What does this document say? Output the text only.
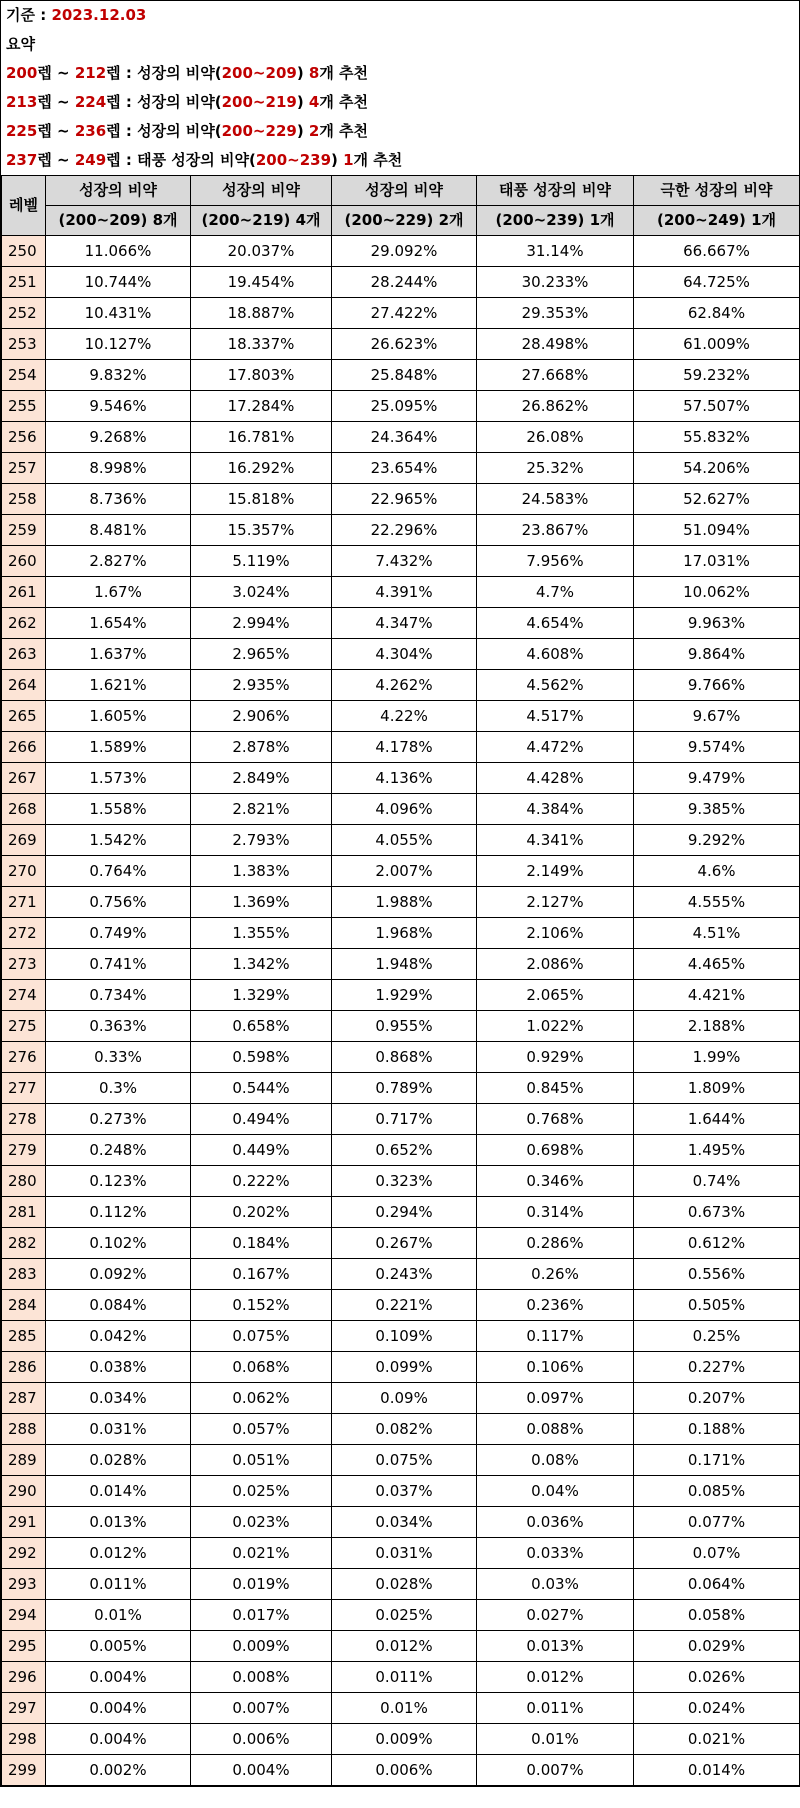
기준 : 2023.12.03
요약
200렙 ~ 212렙 : 성장의 비약(200~209) 8개 추천
213렙 ~ 224렙 : 성장의 비약(200~219) 4개 추천
225렙 ~ 236렙 : 성장의 비약(200~229) 2개 추천
237렙 ~ 249렙 : 태풍 성장의 비약(200~239) 1개 추천
레벨	성장의 비약	성장의 비약	성장의 비약	태풍 성장의 비약	극한 성장의 비약
	(200~209) 8개	(200~219) 4개	(200~229) 2개	(200~239) 1개	(200~249) 1개
250	11.066%	20.037%	29.092%	31.14%	66.667%
251	10.744%	19.454%	28.244%	30.233%	64.725%
252	10.431%	18.887%	27.422%	29.353%	62.84%
253	10.127%	18.337%	26.623%	28.498%	61.009%
254	9.832%	17.803%	25.848%	27.668%	59.232%
255	9.546%	17.284%	25.095%	26.862%	57.507%
256	9.268%	16.781%	24.364%	26.08%	55.832%
257	8.998%	16.292%	23.654%	25.32%	54.206%
258	8.736%	15.818%	22.965%	24.583%	52.627%
259	8.481%	15.357%	22.296%	23.867%	51.094%
260	2.827%	5.119%	7.432%	7.956%	17.031%
261	1.67%	3.024%	4.391%	4.7%	10.062%
262	1.654%	2.994%	4.347%	4.654%	9.963%
263	1.637%	2.965%	4.304%	4.608%	9.864%
264	1.621%	2.935%	4.262%	4.562%	9.766%
265	1.605%	2.906%	4.22%	4.517%	9.67%
266	1.589%	2.878%	4.178%	4.472%	9.574%
267	1.573%	2.849%	4.136%	4.428%	9.479%
268	1.558%	2.821%	4.096%	4.384%	9.385%
269	1.542%	2.793%	4.055%	4.341%	9.292%
270	0.764%	1.383%	2.007%	2.149%	4.6%
271	0.756%	1.369%	1.988%	2.127%	4.555%
272	0.749%	1.355%	1.968%	2.106%	4.51%
273	0.741%	1.342%	1.948%	2.086%	4.465%
274	0.734%	1.329%	1.929%	2.065%	4.421%
275	0.363%	0.658%	0.955%	1.022%	2.188%
276	0.33%	0.598%	0.868%	0.929%	1.99%
277	0.3%	0.544%	0.789%	0.845%	1.809%
278	0.273%	0.494%	0.717%	0.768%	1.644%
279	0.248%	0.449%	0.652%	0.698%	1.495%
280	0.123%	0.222%	0.323%	0.346%	0.74%
281	0.112%	0.202%	0.294%	0.314%	0.673%
282	0.102%	0.184%	0.267%	0.286%	0.612%
283	0.092%	0.167%	0.243%	0.26%	0.556%
284	0.084%	0.152%	0.221%	0.236%	0.505%
285	0.042%	0.075%	0.109%	0.117%	0.25%
286	0.038%	0.068%	0.099%	0.106%	0.227%
287	0.034%	0.062%	0.09%	0.097%	0.207%
288	0.031%	0.057%	0.082%	0.088%	0.188%
289	0.028%	0.051%	0.075%	0.08%	0.171%
290	0.014%	0.025%	0.037%	0.04%	0.085%
291	0.013%	0.023%	0.034%	0.036%	0.077%
292	0.012%	0.021%	0.031%	0.033%	0.07%
293	0.011%	0.019%	0.028%	0.03%	0.064%
294	0.01%	0.017%	0.025%	0.027%	0.058%
295	0.005%	0.009%	0.012%	0.013%	0.029%
296	0.004%	0.008%	0.011%	0.012%	0.026%
297	0.004%	0.007%	0.01%	0.011%	0.024%
298	0.004%	0.006%	0.009%	0.01%	0.021%
299	0.002%	0.004%	0.006%	0.007%	0.014%
